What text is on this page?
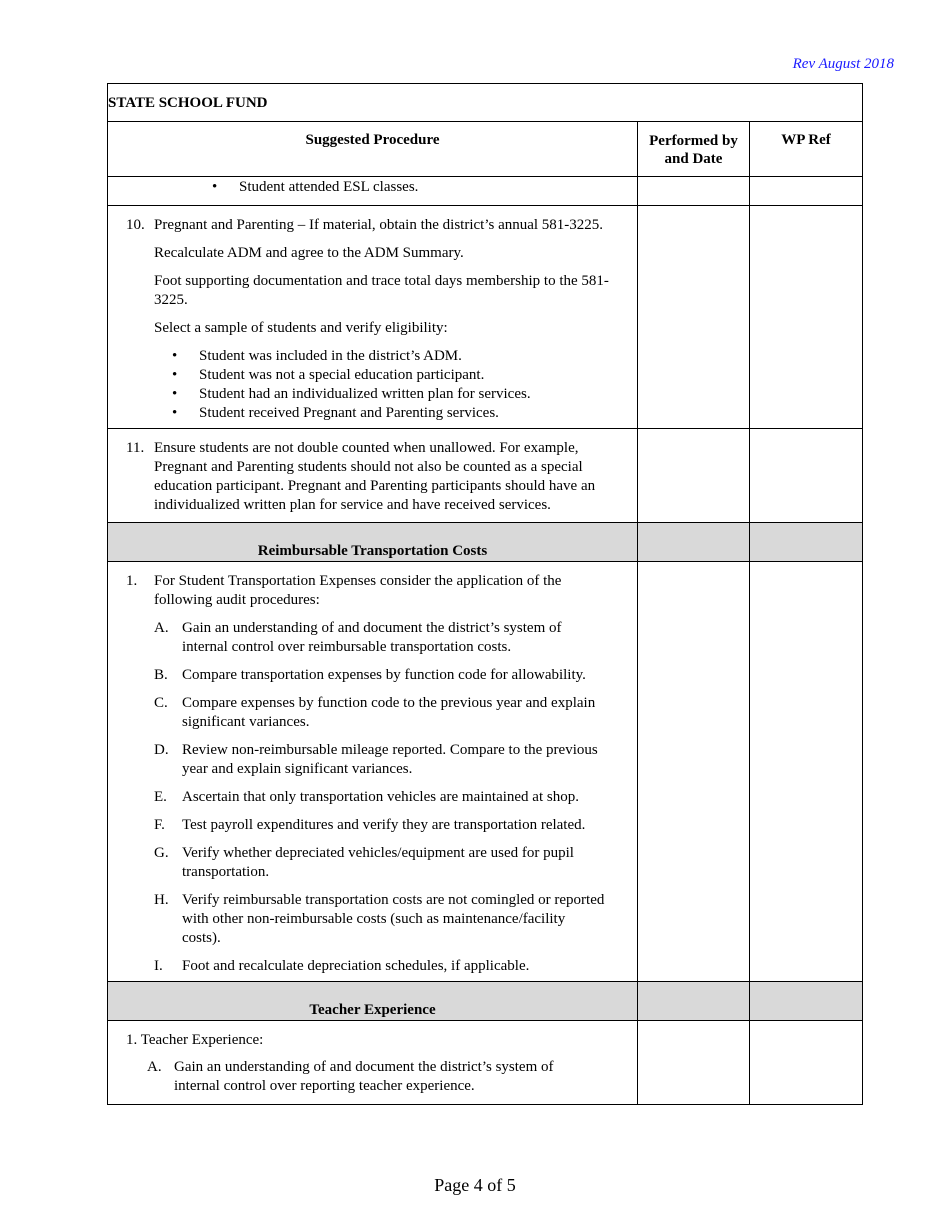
Rev August 2018
STATE SCHOOL FUND
Suggested Procedure	Performed by and Date
WP Ref
• Student attended ESL classes.
10. Pregnant and Parenting – If material, obtain the district’s annual 581-3225.
Recalculate ADM and agree to the ADM Summary.
Foot supporting documentation and trace total days membership to the 581-3225.
Select a sample of students and verify eligibility:
• Student was included in the district’s ADM.
• Student was not a special education participant.
• Student had an individualized written plan for services.
• Student received Pregnant and Parenting services.
11. Ensure students are not double counted when unallowed. For example, Pregnant and Parenting students should not also be counted as a special education participant. Pregnant and Parenting participants should have an individualized written plan for service and have received services.
Reimbursable Transportation Costs
1. For Student Transportation Expenses consider the application of the following audit procedures:
A. Gain an understanding of and document the district’s system of internal control over reimbursable transportation costs.
B. Compare transportation expenses by function code for allowability.
C. Compare expenses by function code to the previous year and explain significant variances.
D. Review non-reimbursable mileage reported. Compare to the previous year and explain significant variances.
E. Ascertain that only transportation vehicles are maintained at shop.
F. Test payroll expenditures and verify they are transportation related.
G. Verify whether depreciated vehicles/equipment are used for pupil transportation.
H. Verify reimbursable transportation costs are not comingled or reported with other non-reimbursable costs (such as maintenance/facility costs).
I. Foot and recalculate depreciation schedules, if applicable.
Teacher Experience
1. Teacher Experience:
A. Gain an understanding of and document the district’s system of internal control over reporting teacher experience.
Page 4 of 5
